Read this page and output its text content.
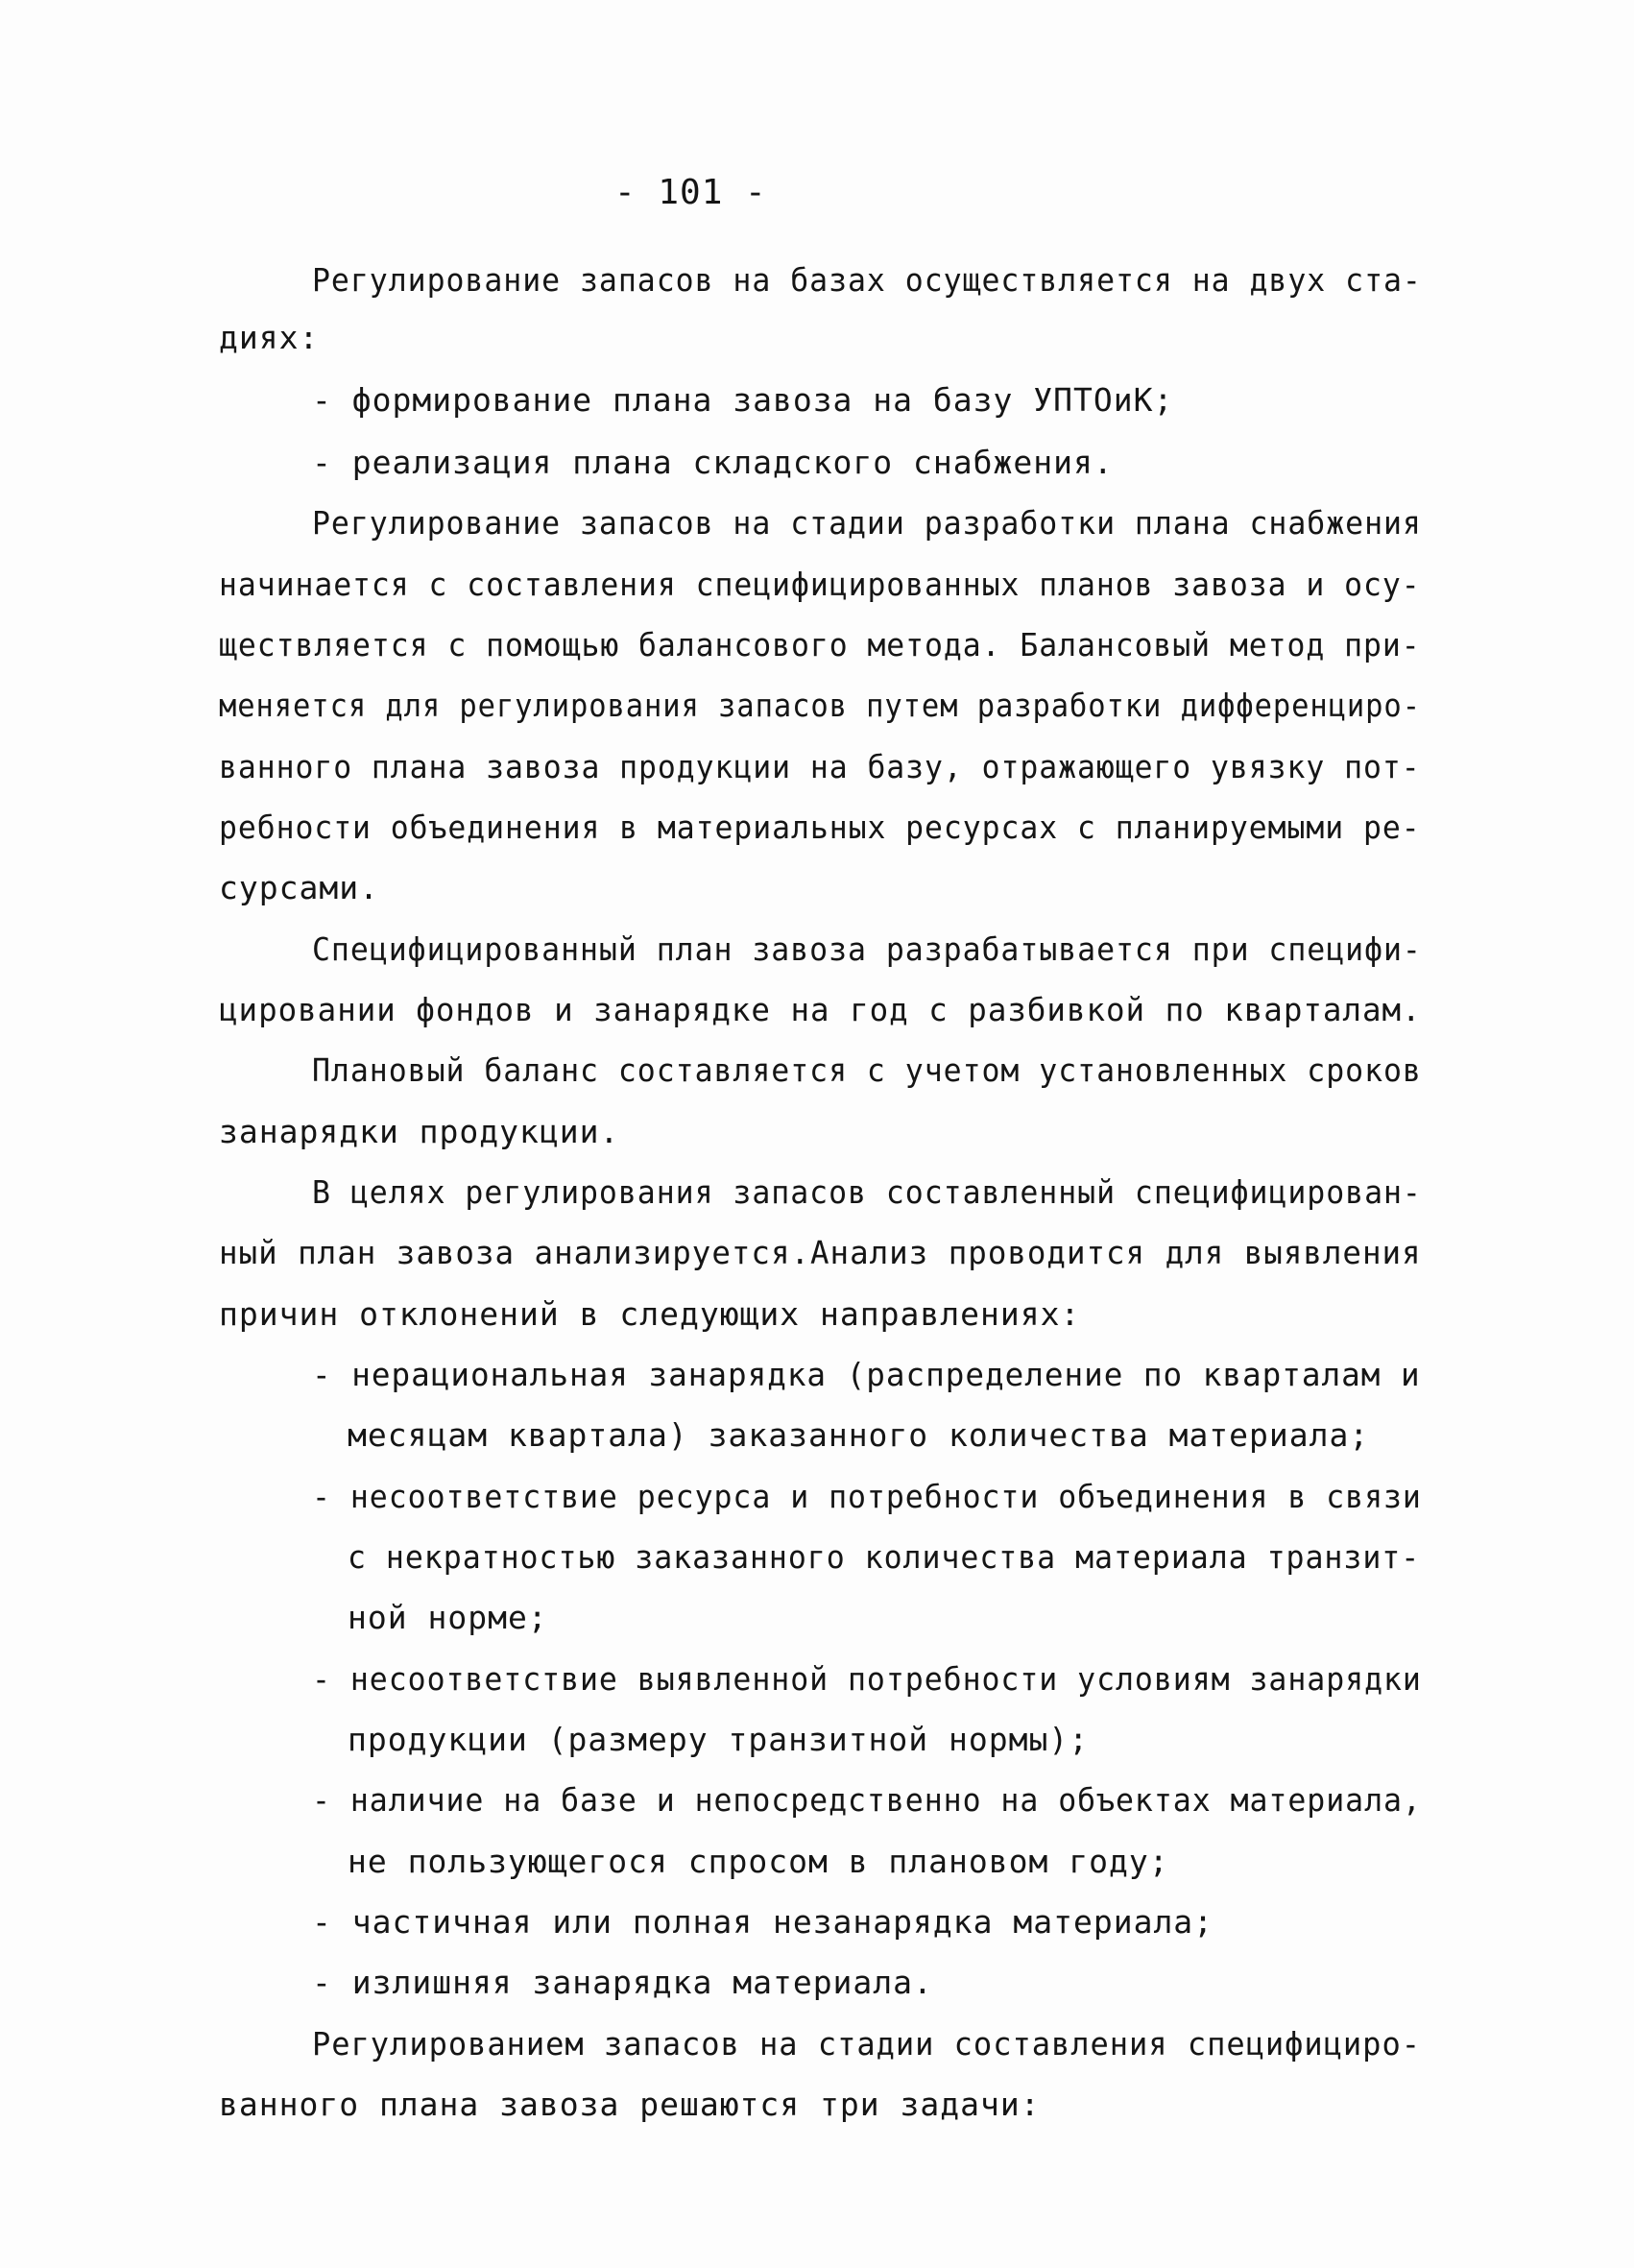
- 101 -
Регулирование запасов на базах осуществляется на двух ста-
диях:
- формирование плана завоза на базу УПТОиК;
- реализация плана складского снабжения.
Регулирование запасов на стадии разработки плана снабжения
начинается с составления специфицированных планов завоза и осу-
ществляется с помощью балансового метода. Балансовый метод при-
меняется для регулирования запасов путем разработки дифференциро-
ванного плана завоза продукции на базу, отражающего увязку пот-
ребности объединения в материальных ресурсах с планируемыми ре-
сурсами.
Специфицированный план завоза разрабатывается при специфи-
цировании фондов и занарядке на год с разбивкой по кварталам.
Плановый баланс составляется с учетом установленных сроков
занарядки продукции.
В целях регулирования запасов составленный специфицирован-
ный план завоза анализируется.Анализ проводится для выявления
причин отклонений в следующих направлениях:
- нерациональная занарядка (распределение по кварталам и
месяцам квартала) заказанного количества материала;
- несоответствие ресурса и потребности объединения в связи
с некратностью заказанного количества материала транзит-
ной норме;
- несоответствие выявленной потребности условиям занарядки
продукции (размеру транзитной нормы);
- наличие на базе и непосредственно на объектах материала,
не пользующегося спросом в плановом году;
- частичная или полная незанарядка материала;
- излишняя занарядка материала.
Регулированием запасов на стадии составления специфициро-
ванного плана завоза решаются три задачи:
